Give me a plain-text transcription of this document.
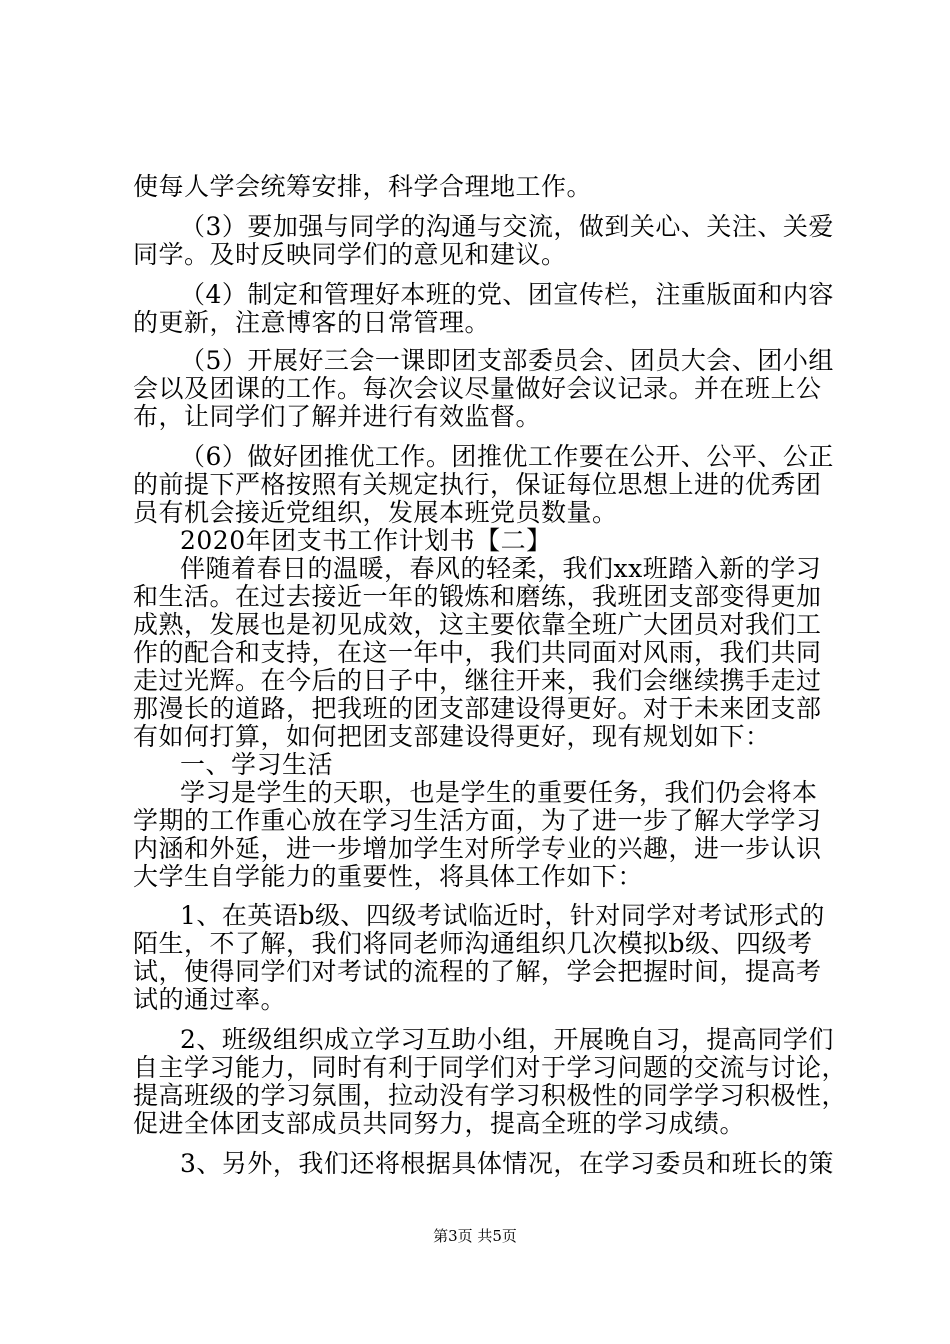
使每人学会统筹安排，科学合理地工作。
（3）要加强与同学的沟通与交流，做到关心、关注、关爱
同学。及时反映同学们的意见和建议。
（4）制定和管理好本班的党、团宣传栏，注重版面和内容
的更新，注意博客的日常管理。
（5）开展好三会一课即团支部委员会、团员大会、团小组
会以及团课的工作。每次会议尽量做好会议记录。并在班上公
布，让同学们了解并进行有效监督。
（6）做好团推优工作。团推优工作要在公开、公平、公正
的前提下严格按照有关规定执行，保证每位思想上进的优秀团
员有机会接近党组织，发展本班党员数量。
2020年团支书工作计划书【二】
伴随着春日的温暖，春风的轻柔，我们xx班踏入新的学习
和生活。在过去接近一年的锻炼和磨练，我班团支部变得更加
成熟，发展也是初见成效，这主要依靠全班广大团员对我们工
作的配合和支持，在这一年中，我们共同面对风雨，我们共同
走过光辉。在今后的日子中，继往开来，我们会继续携手走过
那漫长的道路，把我班的团支部建设得更好。对于未来团支部
有如何打算，如何把团支部建设得更好，现有规划如下：
一、学习生活
学习是学生的天职，也是学生的重要任务，我们仍会将本
学期的工作重心放在学习生活方面，为了进一步了解大学学习
内涵和外延，进一步增加学生对所学专业的兴趣，进一步认识
大学生自学能力的重要性，将具体工作如下：
1、在英语b级、四级考试临近时，针对同学对考试形式的
陌生，不了解，我们将同老师沟通组织几次模拟b级、四级考
试，使得同学们对考试的流程的了解，学会把握时间，提高考
试的通过率。
2、班级组织成立学习互助小组，开展晚自习，提高同学们
自主学习能力，同时有利于同学们对于学习问题的交流与讨论，
提高班级的学习氛围，拉动没有学习积极性的同学学习积极性，
促进全体团支部成员共同努力，提高全班的学习成绩。
3、另外，我们还将根据具体情况，在学习委员和班长的策
第3页 共5页
